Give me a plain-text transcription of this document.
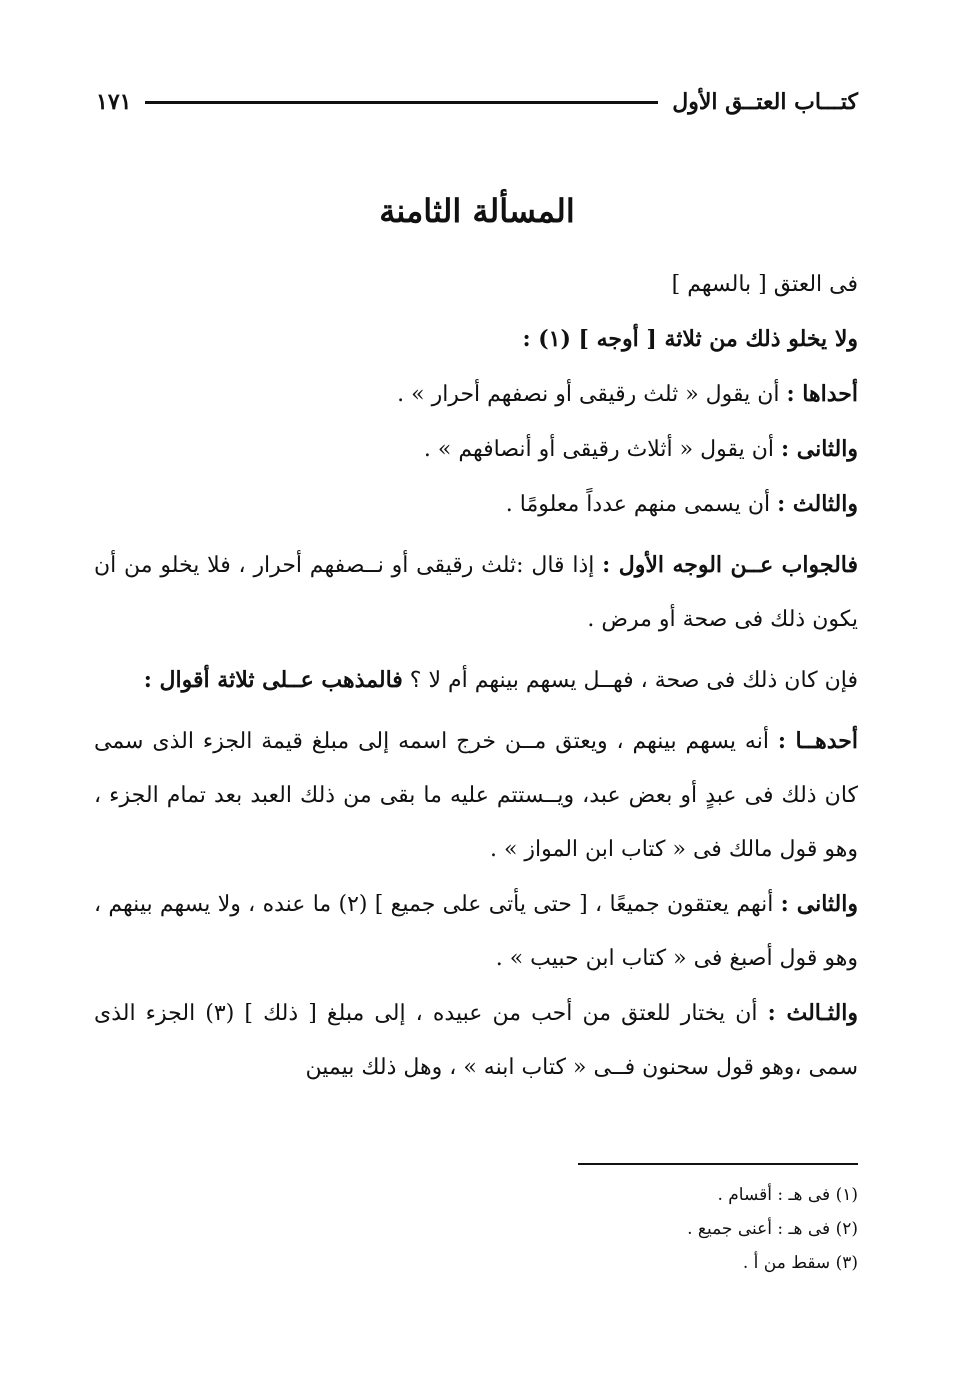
كتـــاب العتــق الأول
١٧١
المسألة الثامنة

فى العتق [ بالسهم ]

ولا يخلو ذلك من ثلاثة [ أوجه ] (١) :

أحداها : أن يقول « ثلث رقيقى أو نصفهم أحرار » .

والثانى : أن يقول « أثلاث رقيقى أو أنصافهم » .

والثالث : أن يسمى منهم عدداً معلومًا .

فالجواب عــن الوجه الأول : إذا قال :ثلث رقيقى أو نــصفهم أحرار ، فلا يخلو من أن يكون ذلك فى صحة أو مرض .

فإن كان ذلك فى صحة ، فهــل يسهم بينهم أم لا ؟ فالمذهب عــلى ثلاثة أقوال :

أحدهــا : أنه يسهم بينهم ، ويعتق مــن خرج اسمه إلى مبلغ قيمة الجزء الذى سمى كان ذلك فى عبدٍ أو بعض عبد، ويــستتم عليه ما بقى من ذلك العبد بعد تمام الجزء ، وهو قول مالك فى « كتاب ابن المواز » .

والثانى : أنهم يعتقون جميعًا ، [ حتى يأتى على جميع ] (٢) ما عنده ، ولا يسهم بينهم ، وهو قول أصبغ فى « كتاب ابن حبيب » .

والثـالث : أن يختار للعتق من أحب من عبيده ، إلى مبلغ [ ذلك ] (٣) الجزء الذى سمى ،وهو قول سحنون فــى « كتاب ابنه » ، وهل ذلك بيمين

(١) فى هـ : أقسام .
(٢) فى هـ : أعنى جميع .
(٣) سقط من أ .
